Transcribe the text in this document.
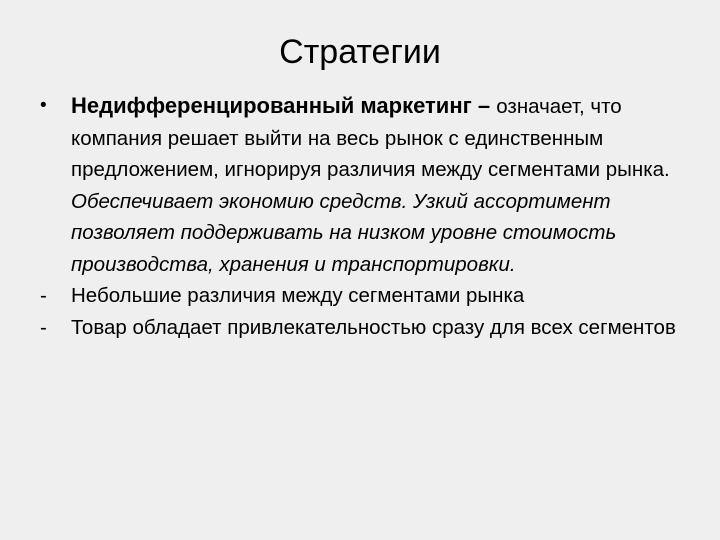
Стратегии
•	Недифференцированный маркетинг – означает, что компания решает выйти на весь рынок с единственным предложением, игнорируя различия между сегментами рынка. Обеспечивает экономию средств. Узкий ассортимент позволяет поддерживать на низком уровне стоимость производства, хранения и транспортировки.
-	Небольшие различия между сегментами рынка
-	Товар обладает привлекательностью сразу для всех сегментов
